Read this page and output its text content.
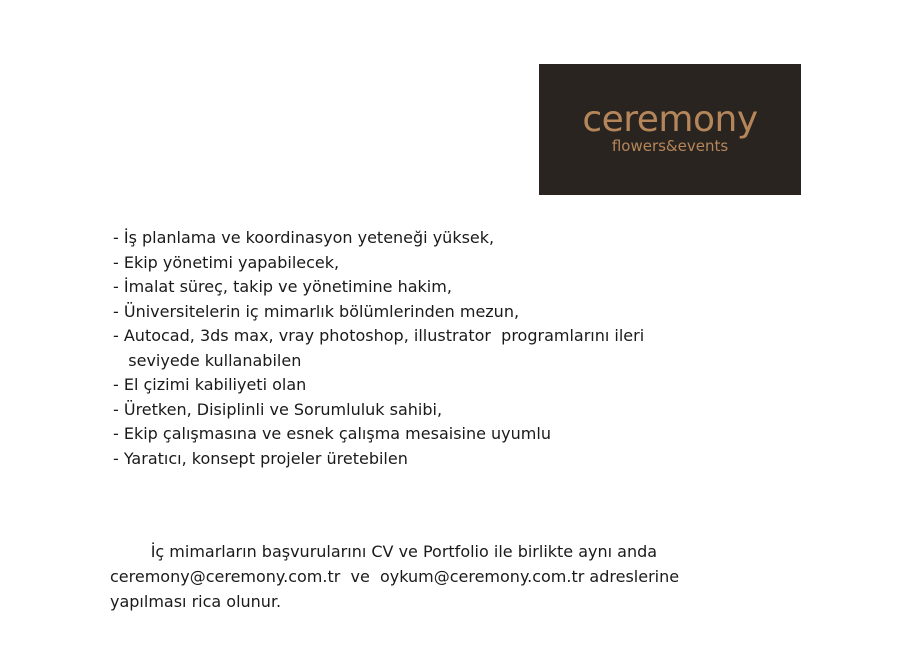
ceremony
flowers&events
- İş planlama ve koordinasyon yeteneği yüksek,
- Ekip yönetimi yapabilecek,
- İmalat süreç, takip ve yönetimine hakim,
- Üniversitelerin iç mimarlık bölümlerinden mezun,
- Autocad, 3ds max, vray photoshop, illustrator  programlarını ileri
seviyede kullanabilen
- El çizimi kabiliyeti olan
- Üretken, Disiplinli ve Sorumluluk sahibi,
- Ekip çalışmasına ve esnek çalışma mesaisine uyumlu
- Yaratıcı, konsept projeler üretebilen

İç mimarların başvurularını CV ve Portfolio ile birlikte aynı anda
ceremony@ceremony.com.tr  ve  oykum@ceremony.com.tr adreslerine
yapılması rica olunur.
